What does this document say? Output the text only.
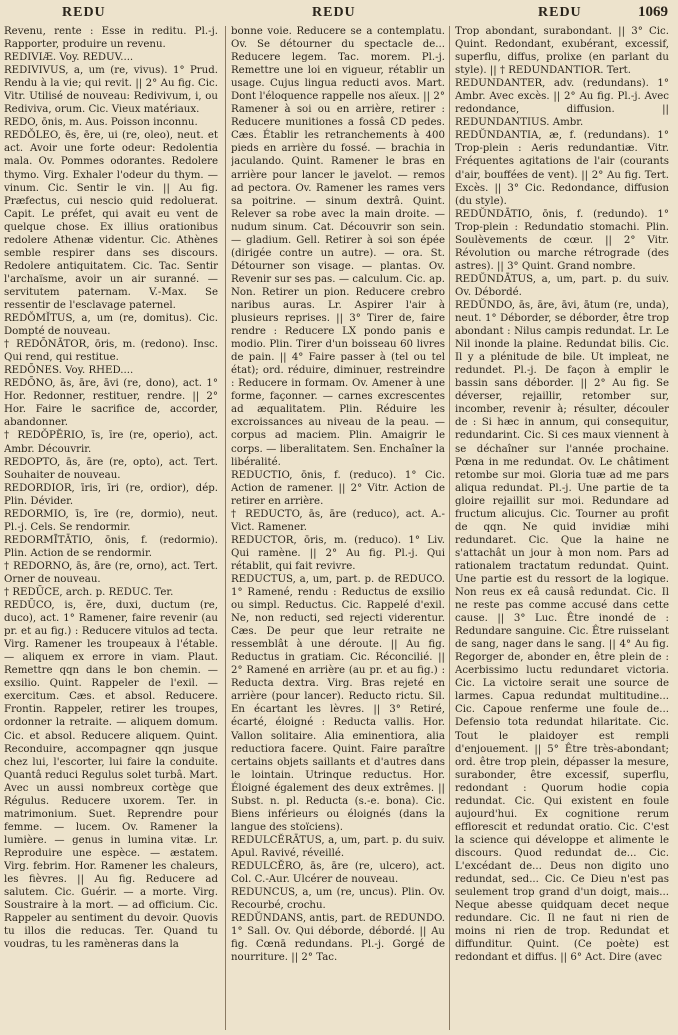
REDU	REDU	REDU	1069

Revenu, rente : Esse in reditu. Pl.-j. Rapporter, produire un revenu.

REDIVIÆ. Voy. REDUV....

REDIVIVUS, a, um (re, vivus). 1° Prud. Rendu à la vie; qui revit. || 2° Au fig. Cic. Vitr. Utilisé de nouveau: Redivivum, i, ou Rediviva, orum. Cic. Vieux matériaux.

REDO, ōnis, m. Aus. Poisson inconnu.

REDŎLEO, ēs, ēre, ui (re, oleo), neut. et act. Avoir une forte odeur: Redolentia mala. Ov. Pommes odorantes. Redolere thymo. Virg. Exhaler l'odeur du thym. — vinum. Cic. Sentir le vin. || Au fig. Præfectus, cui nescio quid redoluerat. Capit. Le préfet, qui avait eu vent de quelque chose. Ex illius orationibus redolere Athenæ videntur. Cic. Athènes semble respirer dans ses discours. Redolere antiquitatem. Cic. Tac. Sentir l'archaïsme, avoir un air suranné. — servitutem paternam. V.-Max. Se ressentir de l'esclavage paternel.

REDŎMĬTUS, a, um (re, domitus). Cic. Dompté de nouveau.

† REDŌNĀTOR, ōris, m. (redono). Insc. Qui rend, qui restitue.

REDŌNES. Voy. RHED....

REDŌNO, ās, āre, āvi (re, dono), act. 1° Hor. Redonner, restituer, rendre. || 2° Hor. Faire le sacrifice de, accorder, abandonner.

† REDŎPĔRIO, īs, īre (re, operio), act. Ambr. Découvrir.

REDOPTO, ās, āre (re, opto), act. Tert. Souhaiter de nouveau.

REDORDIOR, īris, īri (re, ordior), dép. Plin. Dévider.

REDORMIO, īs, īre (re, dormio), neut. Pl.-j. Cels. Se rendormir.

REDORMĪTĀTIO, ōnis, f. (redormio). Plin. Action de se rendormir.

† REDORNO, ās, āre (re, orno), act. Tert. Orner de nouveau.

† REDŪCE, arch. p. REDUC. Ter.

REDŪCO, is, ĕre, duxi, ductum (re, duco), act. 1° Ramener, faire revenir (au pr. et au fig.) : Reducere vitulos ad tecta. Virg. Ramener les troupeaux à l'étable. — aliquem ex errore in viam. Plaut. Remettre qqn dans le bon chemin. — exsilio. Quint. Rappeler de l'exil. — exercitum. Cæs. et absol. Reducere. Frontin. Rappeler, retirer les troupes, ordonner la retraite. — aliquem domum. Cic. et absol. Reducere aliquem. Quint. Reconduire, accompagner qqn jusque chez lui, l'escorter, lui faire la conduite. Quantâ reduci Regulus solet turbâ. Mart. Avec un aussi nombreux cortège que Régulus. Reducere uxorem. Ter. in matrimonium. Suet. Reprendre pour femme. — lucem. Ov. Ramener la lumière. — genus in lumina vitæ. Lr. Reproduire une espèce. — æstatem. Virg. febrim. Hor. Ramener les chaleurs, les fièvres. || Au fig. Reducere ad salutem. Cic. Guérir. — a morte. Virg. Soustraire à la mort. — ad officium. Cic. Rappeler au sentiment du devoir. Quovis tu illos die reducas. Ter. Quand tu voudras, tu les ramèneras dans la

bonne voie. Reducere se a contemplatu. Ov. Se détourner du spectacle de... Reducere legem. Tac. morem. Pl.-j. Remettre une loi en vigueur, rétablir un usage. Cujus lingua reducti avos. Mart. Dont l'éloquence rappelle nos aïeux. || 2° Ramener à soi ou en arrière, retirer : Reducere munitiones a fossâ CD pedes. Cæs. Établir les retranchements à 400 pieds en arrière du fossé. — brachia in jaculando. Quint. Ramener le bras en arrière pour lancer le javelot. — remos ad pectora. Ov. Ramener les rames vers sa poitrine. — sinum dextrâ. Quint. Relever sa robe avec la main droite. — nudum sinum. Cat. Découvrir son sein. — gladium. Gell. Retirer à soi son épée (dirigée contre un autre). — ora. St. Détourner son visage. — plantas. Ov. Revenir sur ses pas. — calculum. Cic. ap. Non. Retirer un pion. Reducere crebro naribus auras. Lr. Aspirer l'air à plusieurs reprises. || 3° Tirer de, faire rendre : Reducere LX pondo panis e modio. Plin. Tirer d'un boisseau 60 livres de pain. || 4° Faire passer à (tel ou tel état); ord. réduire, diminuer, restreindre : Reducere in formam. Ov. Amener à une forme, façonner. — carnes excrescentes ad æqualitatem. Plin. Réduire les excroissances au niveau de la peau. — corpus ad maciem. Plin. Amaigrir le corps. — liberalitatem. Sen. Enchaîner la libéralité.

REDUCTIO, ōnis, f. (reduco). 1° Cic. Action de ramener. || 2° Vitr. Action de retirer en arrière.

† REDUCTO, ās, āre (reduco), act. A.-Vict. Ramener.

REDUCTOR, ōris, m. (reduco). 1° Liv. Qui ramène. || 2° Au fig. Pl.-j. Qui rétablit, qui fait revivre.

REDUCTUS, a, um, part. p. de REDUCO. 1° Ramené, rendu : Reductus de exsilio ou simpl. Reductus. Cic. Rappelé d'exil. Ne, non reducti, sed rejecti viderentur. Cæs. De peur que leur retraite ne ressemblât à une déroute. || Au fig. Reductus in gratiam. Cic. Réconcilié. || 2° Ramené en arrière (au pr. et au fig.) : Reducta dextra. Virg. Bras rejeté en arrière (pour lancer). Reducto rictu. Sil. En écartant les lèvres. || 3° Retiré, écarté, éloigné : Reducta vallis. Hor. Vallon solitaire. Alia eminentiora, alia reductiora facere. Quint. Faire paraître certains objets saillants et d'autres dans le lointain. Utrinque reductus. Hor. Éloigné également des deux extrêmes. || Subst. n. pl. Reducta (s.-e. bona). Cic. Biens inférieurs ou éloignés (dans la langue des stoïciens).

REDULCĔRĀTUS, a, um, part. p. du suiv. Apul. Ravivé, réveillé.

REDULCĔRO, ās, āre (re, ulcero), act. Col. C.-Aur. Ulcérer de nouveau.

REDUNCUS, a, um (re, uncus). Plin. Ov. Recourbé, crochu.

REDŬNDANS, antis, part. de REDUNDO. 1° Sall. Ov. Qui déborde, débordé. || Au fig. Cœnā redundans. Pl.-j. Gorgé de nourriture. || 2° Tac.

Trop abondant, surabondant. || 3° Cic. Quint. Redondant, exubérant, excessif, superflu, diffus, prolixe (en parlant du style). || † REDUNDANTIOR. Tert.

REDUNDANTER, adv. (redundans). 1° Ambr. Avec excès. || 2° Au fig. Pl.-j. Avec redondance, diffusion. || REDUNDANTIUS. Ambr.

REDŬNDANTIA, æ, f. (redundans). 1° Trop-plein : Aeris redundantiæ. Vitr. Fréquentes agitations de l'air (courants d'air, bouffées de vent). || 2° Au fig. Tert. Excès. || 3° Cic. Redondance, diffusion (du style).

REDŬNDĀTIO, ōnis, f. (redundo). 1° Trop-plein : Redundatio stomachi. Plin. Soulèvements de cœur. || 2° Vitr. Révolution ou marche rétrograde (des astres). || 3° Quint. Grand nombre.

REDŬNDĀTUS, a, um, part. p. du suiv. Ov. Débordé.

REDŬNDO, ās, āre, āvi, ātum (re, unda), neut. 1° Déborder, se déborder, être trop abondant : Nilus campis redundat. Lr. Le Nil inonde la plaine. Redundat bilis. Cic. Il y a plénitude de bile. Ut impleat, ne redundet. Pl.-j. De façon à emplir le bassin sans déborder. || 2° Au fig. Se déverser, rejaillir, retomber sur, incomber, revenir à; résulter, découler de : Si hæc in annum, qui consequitur, redundarint. Cic. Si ces maux viennent à se déchaîner sur l'année prochaine. Pœna in me redundat. Ov. Le châtiment retombe sur moi. Gloria tuæ ad me pars aliqua redundat. Pl.-j. Une partie de ta gloire rejaillit sur moi. Redundare ad fructum alicujus. Cic. Tourner au profit de qqn. Ne quid invidiæ mihi redundaret. Cic. Que la haine ne s'attachât un jour à mon nom. Pars ad rationalem tractatum redundat. Quint. Une partie est du ressort de la logique. Non reus ex eâ causâ redundat. Cic. Il ne reste pas comme accusé dans cette cause. || 3° Luc. Être inondé de : Redundare sanguine. Cic. Être ruisselant de sang, nager dans le sang. || 4° Au fig. Regorger de, abonder en, être plein de : Acerbissimo luctu redundaret victoria. Cic. La victoire serait une source de larmes. Capua redundat multitudine... Cic. Capoue renferme une foule de... Defensio tota redundat hilaritate. Cic. Tout le plaidoyer est rempli d'enjouement. || 5° Être très-abondant; ord. être trop plein, dépasser la mesure, surabonder, être excessif, superflu, redondant : Quorum hodie copia redundat. Cic. Qui existent en foule aujourd'hui. Ex cognitione rerum efflorescit et redundat oratio. Cic. C'est la science qui développe et alimente le discours. Quod redundat de... Cic. L'excédant de... Deus non digito uno redundat, sed... Cic. Ce Dieu n'est pas seulement trop grand d'un doigt, mais... Neque abesse quidquam decet neque redundare. Cic. Il ne faut ni rien de moins ni rien de trop. Redundat et diffunditur. Quint. (Ce poète) est redondant et diffus. || 6° Act. Dire (avec
